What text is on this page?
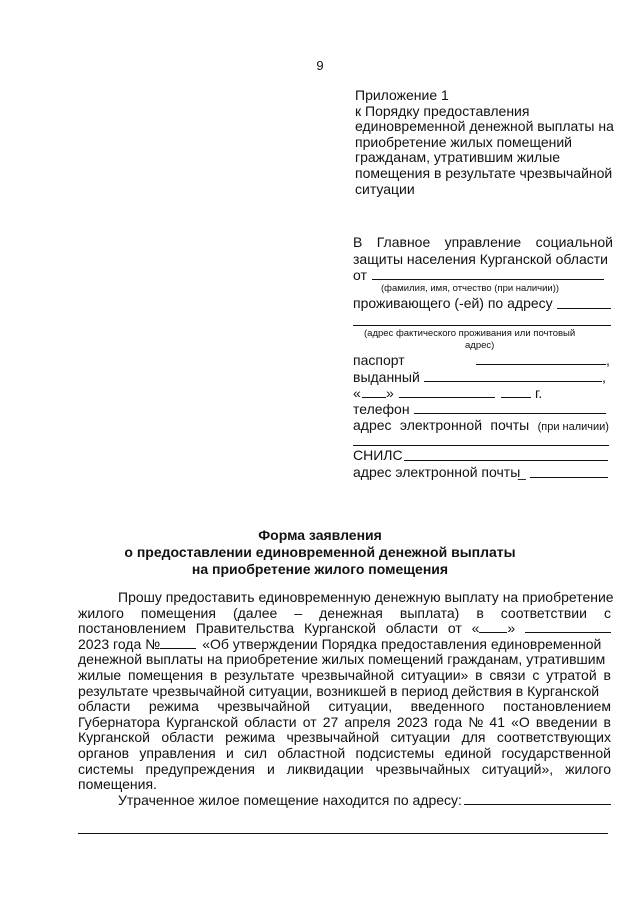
9
Приложение 1
к Порядку предоставления
единовременной денежной выплаты на
приобретение жилых помещений
гражданам, утратившим жилые
помещения в результате чрезвычайной
ситуации
В Главное управление социальной
защиты населения Курганской области
от
(фамилия, имя, отчество (при наличии))
проживающего (-ей) по адресу
(адрес фактического проживания или почтовый
адрес)
паспорт	,
выданный	,
« »	г.
телефон
адрес электронной почты (при наличии)
СНИЛС
адрес электронной почты
_
Форма заявления
о предоставлении единовременной денежной выплаты
на приобретение жилого помещения
Прошу предоставить единовременную денежную выплату на приобретение
жилого помещения (далее – денежная выплата) в соответствии с
постановлением Правительства Курганской области от « »
2023 года №	«Об утверждении Порядка предоставления единовременной
денежной выплаты на приобретение жилых помещений гражданам, утратившим
жилые помещения в результате чрезвычайной ситуации» в связи с утратой в
результате чрезвычайной ситуации, возникшей в период действия в Курганской
области режима чрезвычайной ситуации, введенного постановлением
Губернатора Курганской области от 27 апреля 2023 года № 41 «О введении в
Курганской области режима чрезвычайной ситуации для соответствующих
органов управления и сил областной подсистемы единой государственной
системы предупреждения и ликвидации чрезвычайных ситуаций», жилого
помещения.
Утраченное жилое помещение находится по адресу:
